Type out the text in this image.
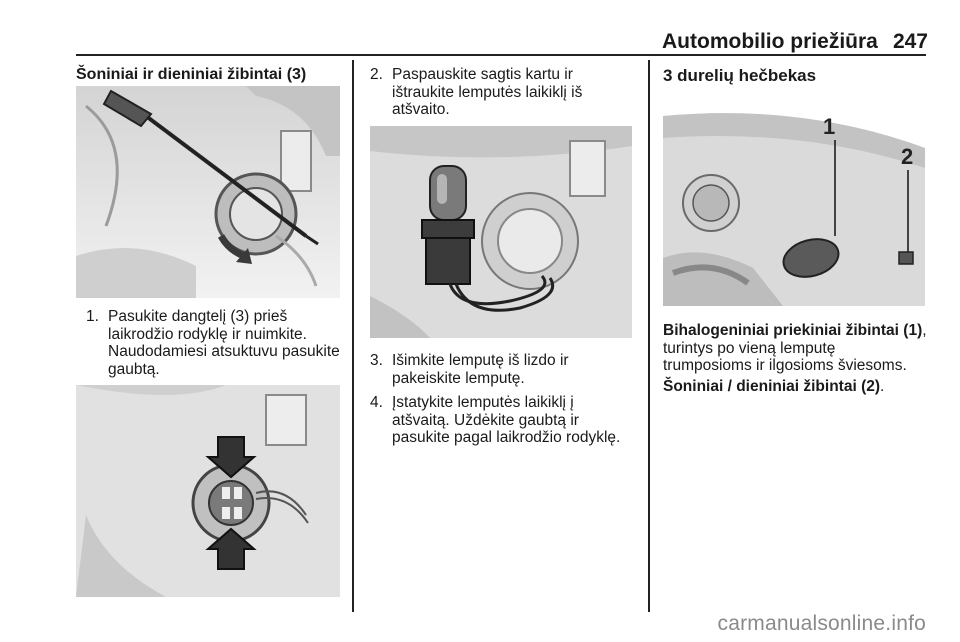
Automobilio priežiūra 247
Šoniniai ir dieniniai žibintai (3)
1. Pasukite dangtelį (3) prieš
laikrodžio rodyklę ir nuimkite.
Naudodamiesi atsuktuvu pasukite
gaubtą.
2. Paspauskite sagtis kartu ir
ištraukite lemputės laikiklį iš
atšvaito.
3. Išimkite lemputę iš lizdo ir
pakeiskite lemputę.
4. Įstatykite lemputės laikiklį į
atšvaitą. Uždėkite gaubtą ir
pasukite pagal laikrodžio rodyklę.
3 durelių hečbekas
1
2
Bihalogeniniai priekiniai žibintai (1),
turintys po vieną lemputę
trumposioms ir ilgosioms šviesoms.
Šoniniai / dieniniai žibintai (2).
carmanualsonline.info
